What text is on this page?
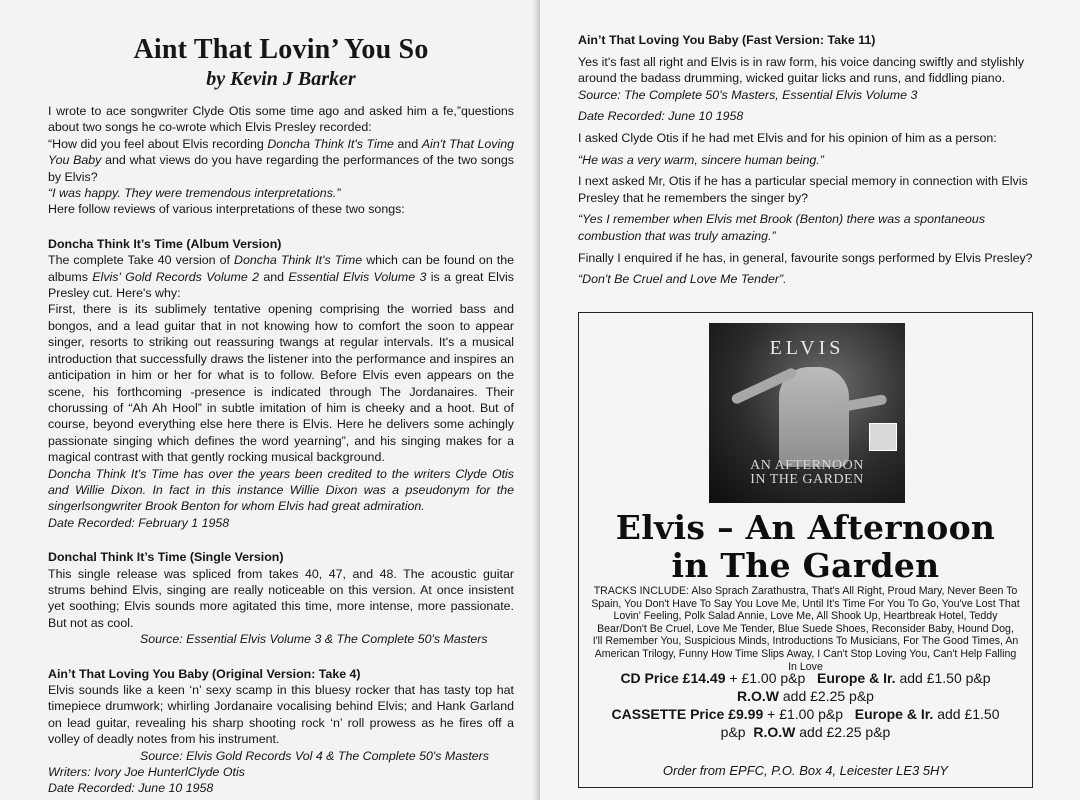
Aint That Lovin’ You So
by Kevin J Barker

I wrote to ace songwriter Clyde Otis some time ago and asked him a fe,”questions about two songs he co-wrote which Elvis Presley recorded:

“How did you feel about Elvis recording Doncha Think It's Time and Ain't That Loving You Baby and what views do you have regarding the performances of the two songs by Elvis?

“I was happy. They were tremendous interpretations.”

Here follow reviews of various interpretations of these two songs:

Doncha Think It’s Time (Album Version)

The complete Take 40 version of Doncha Think It's Time which can be found on the albums Elvis' Gold Records Volume 2 and Essential Elvis Volume 3 is a great Elvis Presley cut. Here's why:

First, there is its sublimely tentative opening comprising the worried bass and bongos, and a lead guitar that in not knowing how to comfort the soon to appear singer, resorts to striking out reassuring twangs at regular intervals. It's a musical introduction that successfully draws the listener into the performance and inspires an anticipation in him or her for what is to follow. Before Elvis even appears on the scene, his forthcoming -presence is indicated through The Jordanaires. Their chorussing of “Ah Ah Hool” in subtle imitation of him is cheeky and a hoot. But of course, beyond everything else here there is Elvis. Here he delivers some achingly passionate singing which defines the word yearning”, and his singing makes for a magical contrast with that gently rocking musical background.

Doncha Think It's Time has over the years been credited to the writers Clyde Otis and Willie Dixon. In fact in this instance Willie Dixon was a pseudonym for the singerlsongwriter Brook Benton for whom Elvis had great admiration.

Date Recorded: February 1 1958

Donchal Think It’s Time (Single Version)

This single release was spliced from takes 40, 47, and 48. The acoustic guitar strums behind Elvis, singing are really noticeable on this version. At once insistent yet soothing; Elvis sounds more agitated this time, more intense, more passionate. But not as cool.

Source: Essential Elvis Volume 3 & The Complete 50's Masters

Ain’t That Loving You Baby (Original Version: Take 4)

Elvis sounds like a keen ‘n’ sexy scamp in this bluesy rocker that has tasty top hat timepiece drumwork; whirling Jordanaire vocalising behind Elvis; and Hank Garland on lead guitar, revealing his sharp shooting rock ‘n’ roll prowess as he fires off a volley of deadly notes from his instrument.

Source: Elvis Gold Records Vol 4 & The Complete 50's Masters

Writers: Ivory Joe HunterlClyde Otis

Date Recorded: June 10 1958

Ain’t That Loving You Baby (Fast Version: Take 11)

Yes it's fast all right and Elvis is in raw form, his voice dancing swiftly and stylishly around the badass drumming, wicked guitar licks and runs, and fiddling piano.

Source: The Complete 50's Masters, Essential Elvis Volume 3

Date Recorded: June 10 1958

I asked Clyde Otis if he had met Elvis and for his opinion of him as a person:

“He was a very warm, sincere human being.”

I next asked Mr, Otis if he has a particular special memory in connection with Elvis Presley that he remembers the singer by?

“Yes I remember when Elvis met Brook (Benton) there was a spontaneous combustion that was truly amazing.”

Finally I enquired if he has, in general, favourite songs performed by Elvis Presley?

“Don't Be Cruel and Love Me Tender”.

ELVIS
AN AFTERNOON
IN THE GARDEN
Elvis – An Afternoon
in The Garden
TRACKS INCLUDE: Also Sprach Zarathustra, That's All Right, Proud Mary, Never Been To Spain, You Don't Have To Say You Love Me, Until It's Time For You To Go, You've Lost That Lovin' Feeling, Polk Salad Annie, Love Me, All Shook Up, Heartbreak Hotel, Teddy Bear/Don't Be Cruel, Love Me Tender, Blue Suede Shoes, Reconsider Baby, Hound Dog, I'll Remember You, Suspicious Minds, Introductions To Musicians, For The Good Times, An American Trilogy, Funny How Time Slips Away, I Can't Stop Loving You, Can't Help Falling In Love
CD Price £14.49 + £1.00 p&p Europe & Ir. add £1.50 p&p
R.O.W add £2.25 p&p
CASSETTE Price £9.99 + £1.00 p&p Europe & Ir. add £1.50
p&p R.O.W add £2.25 p&p
Order from EPFC, P.O. Box 4, Leicester LE3 5HY
